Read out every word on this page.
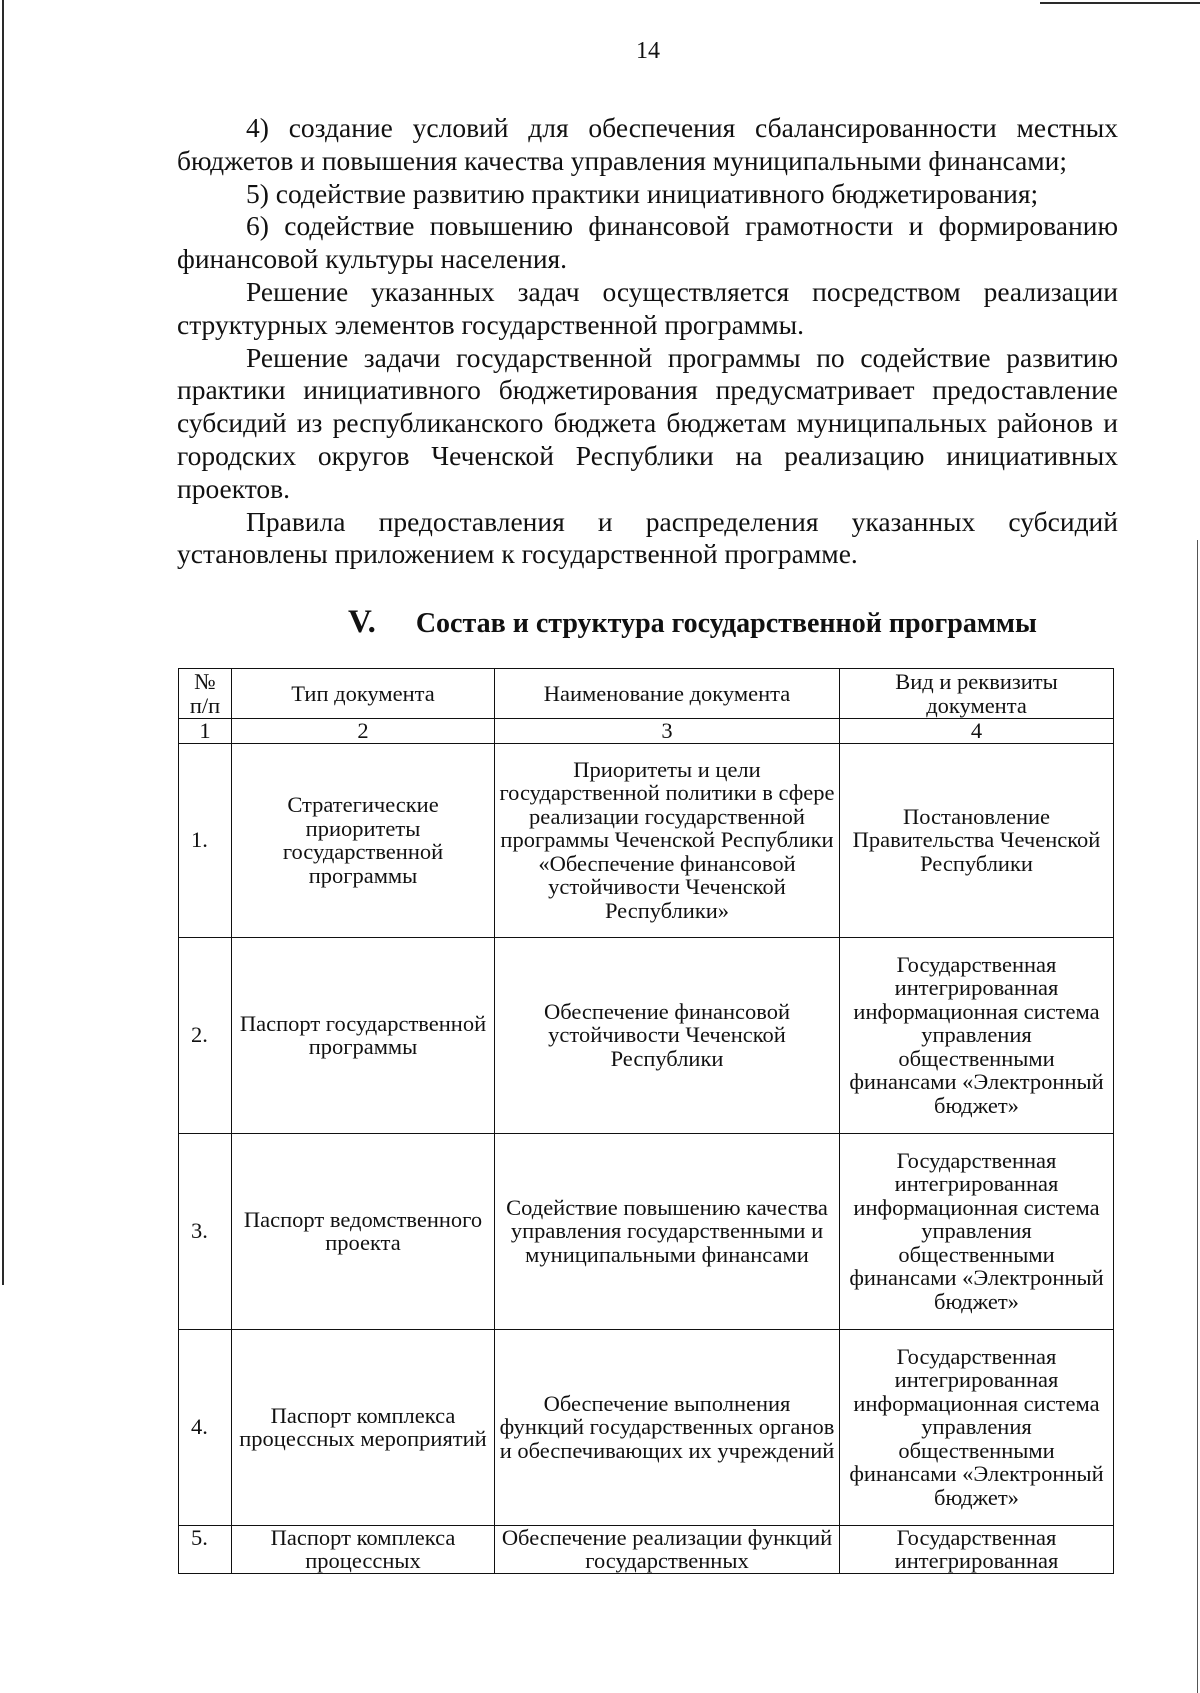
14

4) создание условий для обеспечения сбалансированности местных бюджетов и повышения качества управления муниципальными финансами;

5) содействие развитию практики инициативного бюджетирования;

6) содействие повышению финансовой грамотности и формированию финансовой культуры населения.

Решение указанных задач осуществляется посредством реализации структурных элементов государственной программы.

Решение задачи государственной программы по содействие развитию практики инициативного бюджетирования предусматривает предоставление субсидий из республиканского бюджета бюджетам муниципальных районов и городских округов Чеченской Республики на реализацию инициативных проектов.

Правила предоставления и распределения указанных субсидий установлены приложением к государственной программе.

V. Состав и структура государственной программы
№ п/п	Тип документа	Наименование документа	Вид и реквизиты документа
1	2	3	4
1.	Стратегические приоритеты государственной программы	Приоритеты и цели государственной политики в сфере реализации государственной программы Чеченской Республики «Обеспечение финансовой устойчивости Чеченской Республики»	Постановление Правительства Чеченской Республики
2.	Паспорт государственной программы	Обеспечение финансовой устойчивости Чеченской Республики	Государственная интегрированная информационная система управления общественными финансами «Электронный бюджет»
3.	Паспорт ведомственного проекта	Содействие повышению качества управления государственными и муниципальными финансами	Государственная интегрированная информационная система управления общественными финансами «Электронный бюджет»
4.	Паспорт комплекса процессных мероприятий	Обеспечение выполнения функций государственных органов и обеспечивающих их учреждений	Государственная интегрированная информационная система управления общественными финансами «Электронный бюджет»
5.	Паспорт комплекса процессных	Обеспечение реализации функций государственных	Государственная интегрированная
